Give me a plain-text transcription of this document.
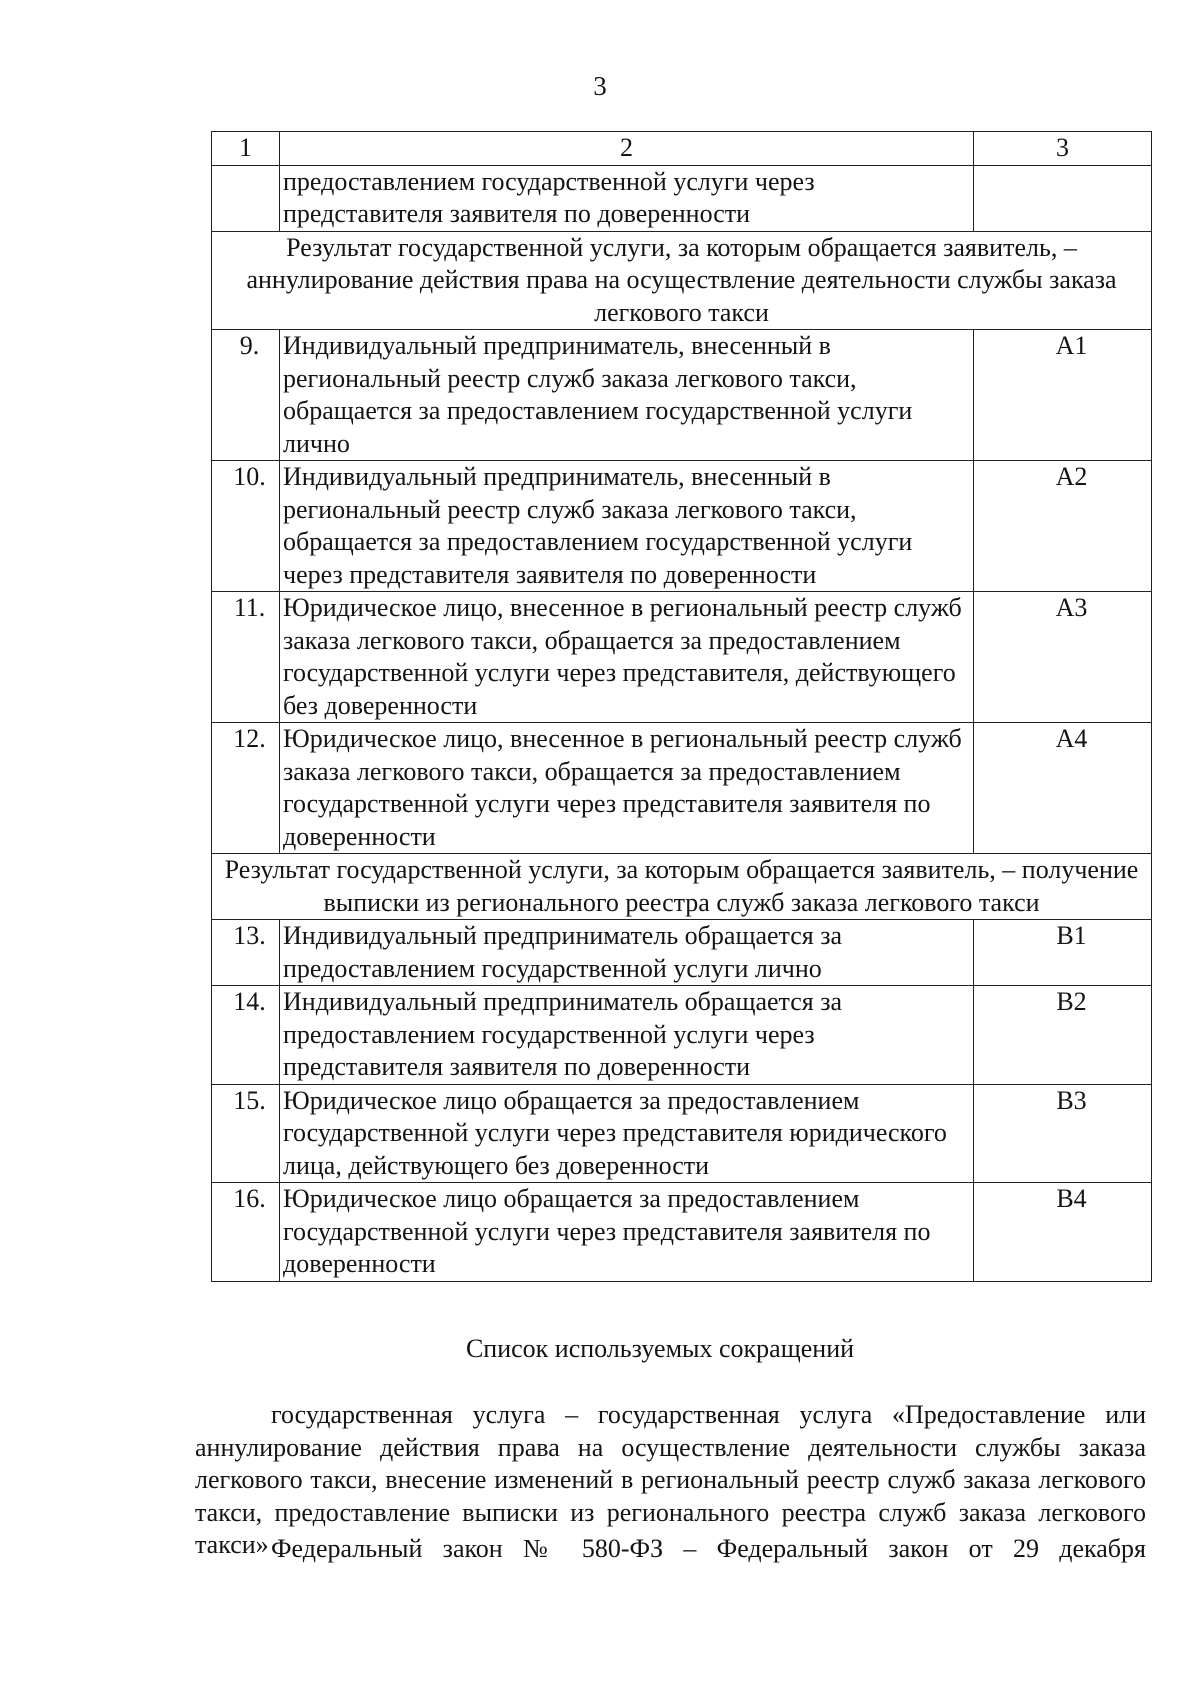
3
1	2	3
	предоставлением государственной услуги через представителя заявителя по доверенности	
Результат государственной услуги, за которым обращается заявитель, – аннулирование действия права на осуществление деятельности службы заказа легкового такси		
9.	Индивидуальный предприниматель, внесенный в региональный реестр служб заказа легкового такси, обращается за предоставлением государственной услуги лично	А1
10.	Индивидуальный предприниматель, внесенный в региональный реестр служб заказа легкового такси, обращается за предоставлением государственной услуги через представителя заявителя по доверенности	А2
11.	Юридическое лицо, внесенное в региональный реестр служб заказа легкового такси, обращается за предоставлением государственной услуги через представителя, действующего без доверенности	А3
12.	Юридическое лицо, внесенное в региональный реестр служб заказа легкового такси, обращается за предоставлением государственной услуги через представителя заявителя по доверенности	А4
Результат государственной услуги, за которым обращается заявитель, – получение выписки из регионального реестра служб заказа легкового такси		
13.	Индивидуальный предприниматель обращается за предоставлением государственной услуги лично	В1
14.	Индивидуальный предприниматель обращается за предоставлением государственной услуги через представителя заявителя по доверенности	В2
15.	Юридическое лицо обращается за предоставлением государственной услуги через представителя юридического лица, действующего без доверенности	В3
16.	Юридическое лицо обращается за предоставлением государственной услуги через представителя заявителя по доверенности	В4
Список используемых сокращений

государственная услуга – государственная услуга «Предоставление или аннулирование действия права на осуществление деятельности службы заказа легкового такси, внесение изменений в региональный реестр служб заказа легкового такси, предоставление выписки из регионального реестра служб заказа легкового такси» Федеральный закон № 580-ФЗ – Федеральный закон от 29 декабря
